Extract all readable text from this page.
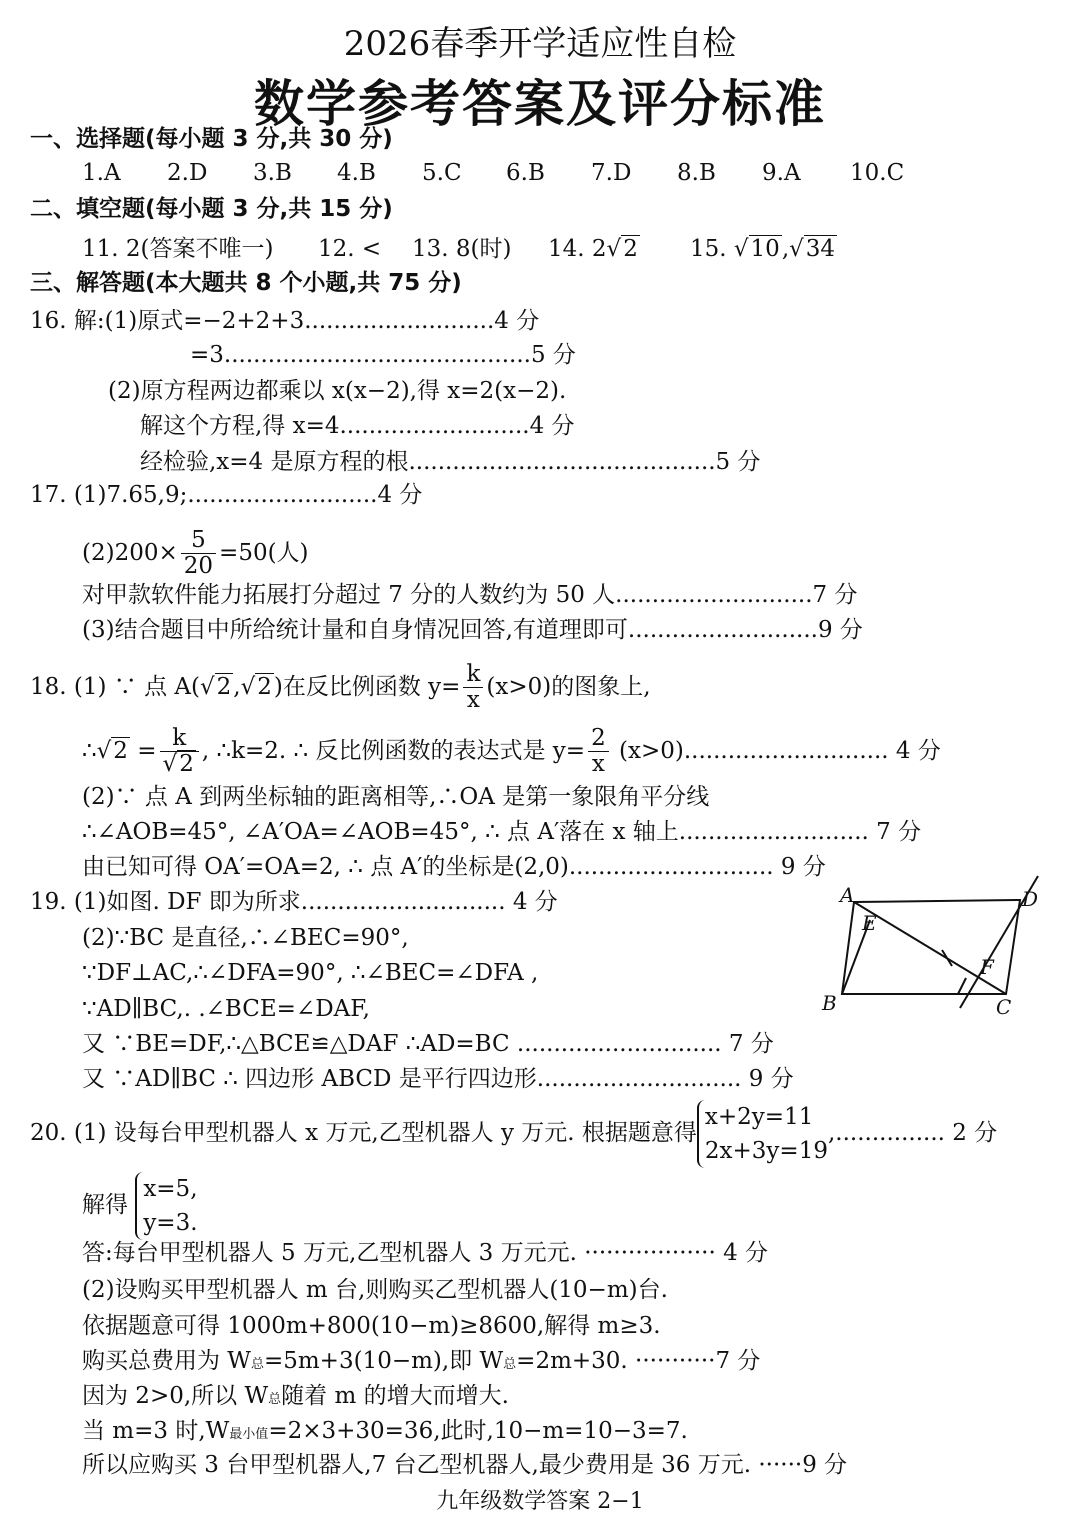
2026春季开学适应性自检
数学参考答案及评分标准
一、选择题(每小题 3 分,共 30 分)
1.A 2.D 3.B 4.B 5.C 6.B 7.D 8.B 9.A 10.C
二、填空题(每小题 3 分,共 15 分)
11. 2(答案不唯一) 12. < 13. 8(时) 14. 2√2 15. √10,√34
三、解答题(本大题共 8 个小题,共 75 分)
16. 解:(1)原式=−2+2+3..........................4 分
=3..........................................5 分
(2)原方程两边都乘以 x(x−2),得 x=2(x−2).
解这个方程,得 x=4..........................4 分
经检验,x=4 是原方程的根..........................................5 分
17. (1)7.65,9;..........................4 分
$(2)200\times \frac{5}{20} =50$(人)
对甲款软件能力拓展打分超过 7 分的人数约为 50 人...........................7 分
(3)结合题目中所给统计量和自身情况回答,有道理即可..........................9 分
18. (1) ∵ 点 A(√2,√2)在反比例函数 $y= \frac{k}{x} (x>0)$的图象上,
∴√2 = $\frac{k}{√2}$ , ∴k=2. ∴ 反比例函数的表达式是 $y= \frac{2}{x} (x>0)$............................ 4 分
(2)∵ 点 A 到两坐标轴的距离相等,∴OA 是第一象限角平分线
∴∠AOB=45°, ∠A′OA=∠AOB=45°, ∴ 点 A′落在 x 轴上.......................... 7 分
由已知可得 OA′=OA=2, ∴ 点 A′的坐标是(2,0)............................ 9 分
19. (1)如图. DF 即为所求............................ 4 分
(2)∵BC 是直径,∴∠BEC=90°,
∵DF⊥AC,∴∠DFA=90°, ∴∠BEC=∠DFA ,
∵AD∥BC,. .∠BCE=∠DAF,
又 ∵BE=DF,∴△BCE≌△DAF ∴AD=BC ............................ 7 分
又 ∵AD∥BC ∴ 四边形 ABCD 是平行四边形............................ 9 分
A
B	C
D
E
F
20. (1) 设每台甲型机器人 x 万元,乙型机器人 y 万元. 根据题意得
x+2y=11
2x+3y=19
,............... 2 分
解得
x=5,
y=3.
答:每台甲型机器人 5 万元,乙型机器人 3 万元元. ·················· 4 分
(2)设购买甲型机器人 m 台,则购买乙型机器人(10−m)台.
依据题意可得 1000m+800(10−m)≥8600,解得 m≥3.
购买总费用为 W总=5m+3(10−m),即 W总=2m+30. ···········7 分
因为 2>0,所以 W总随着 m 的增大而增大.
当 m=3 时,W最小值=2×3+30=36,此时,10−m=10−3=7.
所以应购买 3 台甲型机器人,7 台乙型机器人,最少费用是 36 万元. ······9 分
九年级数学答案 2−1
